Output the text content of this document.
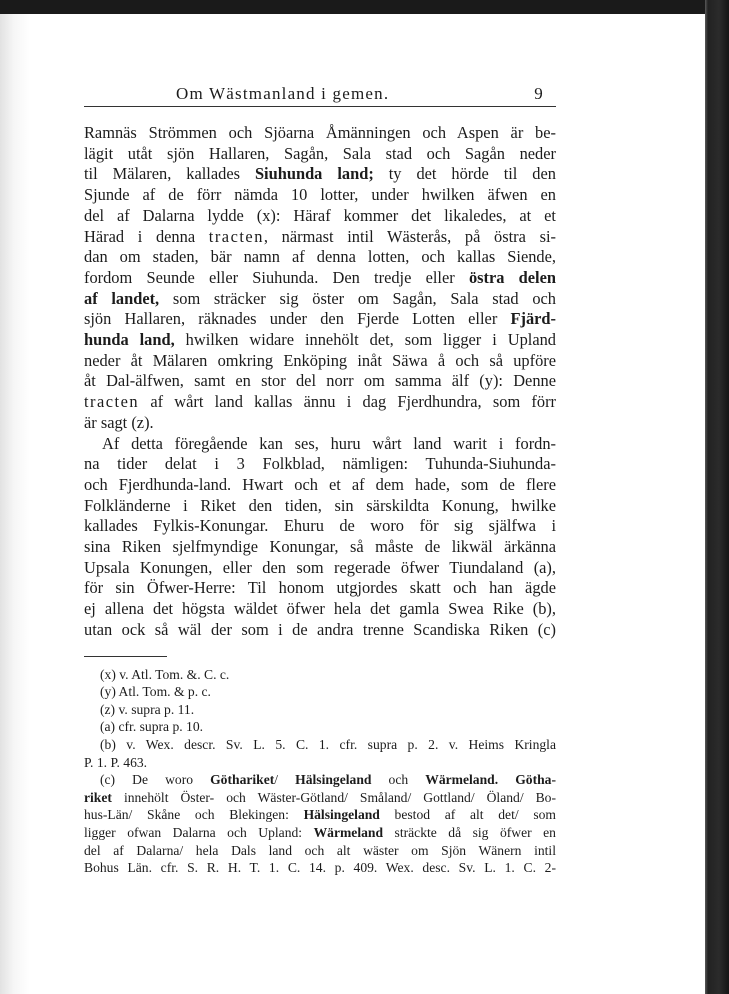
Om Wästmanland i gemen.	9
Ramnäs Strömmen och Sjöarna Åmänningen och Aspen är be-
lägit utåt sjön Hallaren, Sagån, Sala stad och Sagån neder
til Mälaren, kallades Siuhunda land; ty det hörde til den
Sjunde af de förr nämda 10 lotter, under hwilken äfwen en
del af Dalarna lydde (x): Häraf kommer det likaledes, at et
Härad i denna tracten, närmast intil Wästerås, på östra si-
dan om staden, bär namn af denna lotten, och kallas Siende,
fordom Seunde eller Siuhunda. Den tredje eller östra delen
af landet, som sträcker sig öster om Sagån, Sala stad och
sjön Hallaren, räknades under den Fjerde Lotten eller Fjärd-
hunda land, hwilken widare innehölt det, som ligger i Upland
neder åt Mälaren omkring Enköping inåt Säwa å och så upföre
åt Dal-älfwen, samt en stor del norr om samma älf (y): Denne
tracten af wårt land kallas ännu i dag Fjerdhundra, som förr
är sagt (z).
Af detta föregående kan ses, huru wårt land warit i fordn-
na tider delat i 3 Folkblad, nämligen: Tuhunda-Siuhunda-
och Fjerdhunda-land. Hwart och et af dem hade, som de flere
Folkländerne i Riket den tiden, sin särskildta Konung, hwilke
kallades Fylkis-Konungar. Ehuru de woro för sig själfwa i
sina Riken sjelfmyndige Konungar, så måste de likwäl ärkänna
Upsala Konungen, eller den som regerade öfwer Tiundaland (a),
för sin Öfwer-Herre: Til honom utgjordes skatt och han ägde
ej allena det högsta wäldet öfwer hela det gamla Swea Rike (b),
utan ock så wäl der som i de andra trenne Scandiska Riken (c)
(x) v. Atl. Tom. &. C. c.
(y) Atl. Tom. & p. c.
(z) v. supra p. 11.
(a) cfr. supra p. 10.
(b) v. Wex. descr. Sv. L. 5. C. 1. cfr. supra p. 2. v. Heims Kringla
P. 1. P. 463.
(c) De woro Göthariket/ Hälsingeland och Wärmeland. Götha-
riket innehölt Öster- och Wäster-Götland/ Småland/ Gottland/ Öland/ Bo-
hus-Län/ Skåne och Blekingen: Hälsingeland bestod af alt det/ som
ligger ofwan Dalarna och Upland: Wärmeland sträckte då sig öfwer en
del af Dalarna/ hela Dals land och alt wäster om Sjön Wänern intil
Bohus Län. cfr. S. R. H. T. 1. C. 14. p. 409. Wex. desc. Sv. L. 1. C. 2-
